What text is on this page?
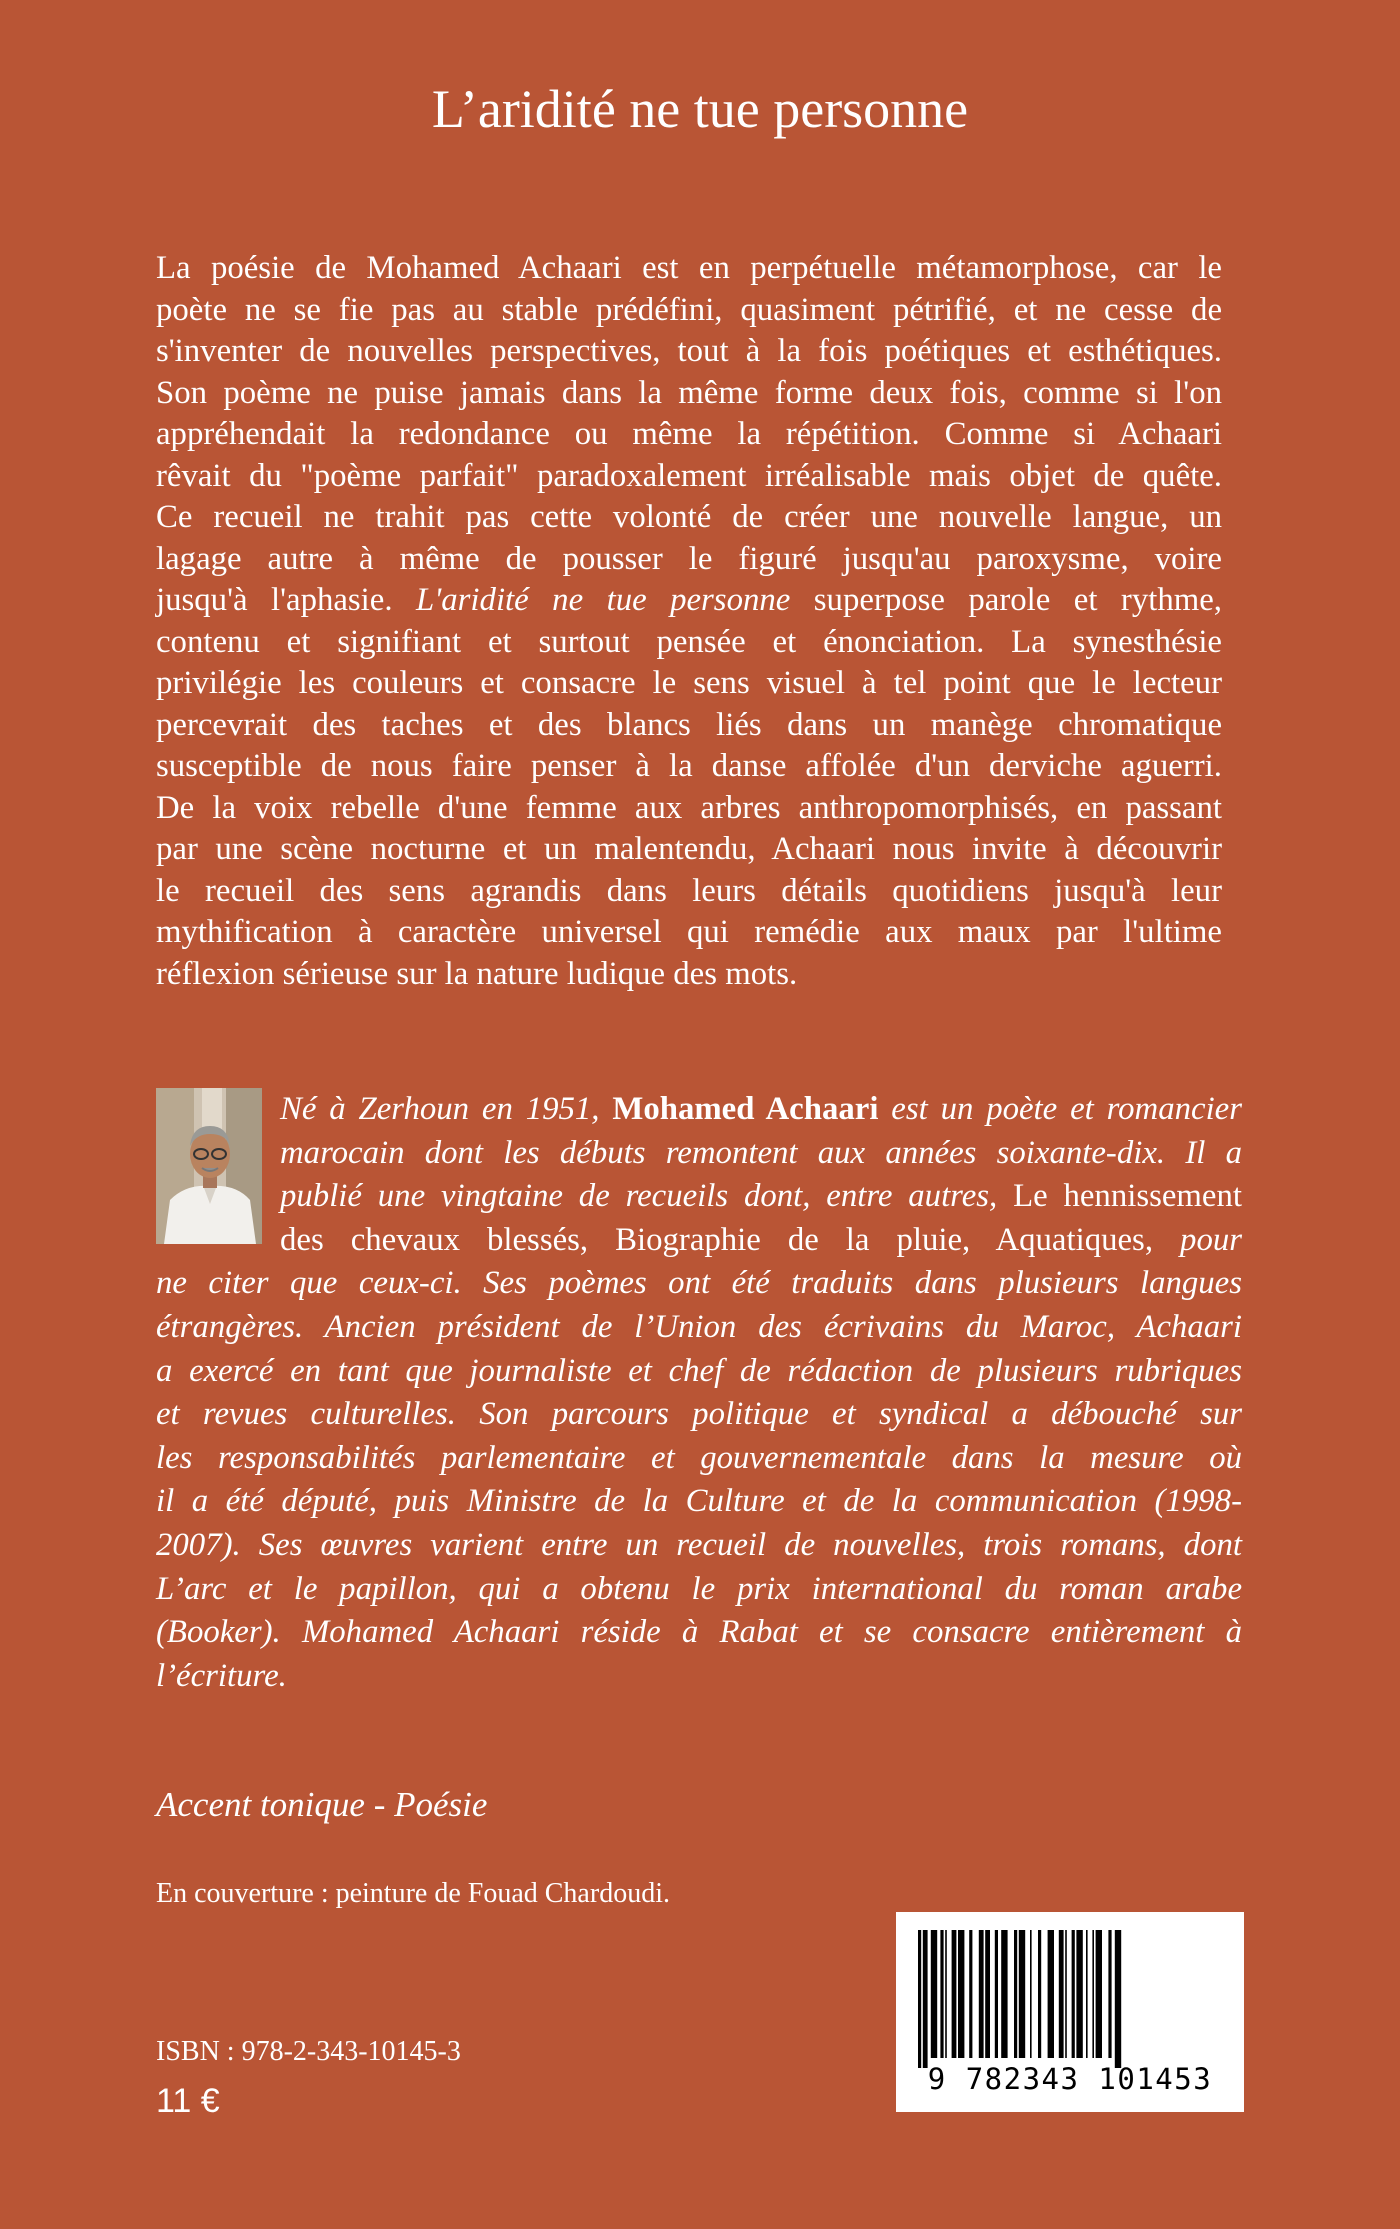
L’aridité ne tue personne

La poésie de Mohamed Achaari est en perpétuelle métamorphose, car le
poète ne se fie pas au stable prédéfini, quasiment pétrifié, et ne cesse de
s'inventer de nouvelles perspectives, tout à la fois poétiques et esthétiques.
Son poème ne puise jamais dans la même forme deux fois, comme si l'on
appréhendait la redondance ou même la répétition. Comme si Achaari
rêvait du "poème parfait" paradoxalement irréalisable mais objet de quête.
Ce recueil ne trahit pas cette volonté de créer une nouvelle langue, un
lagage autre à même de pousser le figuré jusqu'au paroxysme, voire
jusqu'à l'aphasie. L'aridité ne tue personne superpose parole et rythme,
contenu et signifiant et surtout pensée et énonciation. La synesthésie
privilégie les couleurs et consacre le sens visuel à tel point que le lecteur
percevrait des taches et des blancs liés dans un manège chromatique
susceptible de nous faire penser à la danse affolée d'un derviche aguerri.
De la voix rebelle d'une femme aux arbres anthropomorphisés, en passant
par une scène nocturne et un malentendu, Achaari nous invite à découvrir
le recueil des sens agrandis dans leurs détails quotidiens jusqu'à leur
mythification à caractère universel qui remédie aux maux par l'ultime
réflexion sérieuse sur la nature ludique des mots.

Né à Zerhoun en 1951, Mohamed Achaari est un poète et romancier
marocain dont les débuts remontent aux années soixante-dix. Il a
publié une vingtaine de recueils dont, entre autres, Le hennissement
des chevaux blessés, Biographie de la pluie, Aquatiques, pour
ne citer que ceux-ci. Ses poèmes ont été traduits dans plusieurs langues
étrangères. Ancien président de l’Union des écrivains du Maroc, Achaari
a exercé en tant que journaliste et chef de rédaction de plusieurs rubriques
et revues culturelles. Son parcours politique et syndical a débouché sur
les responsabilités parlementaire et gouvernementale dans la mesure où
il a été député, puis Ministre de la Culture et de la communication (1998-
2007). Ses œuvres varient entre un recueil de nouvelles, trois romans, dont
L’arc et le papillon, qui a obtenu le prix international du roman arabe
(Booker). Mohamed Achaari réside à Rabat et se consacre entièrement à
l’écriture.

Accent tonique - Poésie

En couverture : peinture de Fouad Chardoudi.

ISBN : 978-2-343-10145-3

11 €

9 782343 101453
